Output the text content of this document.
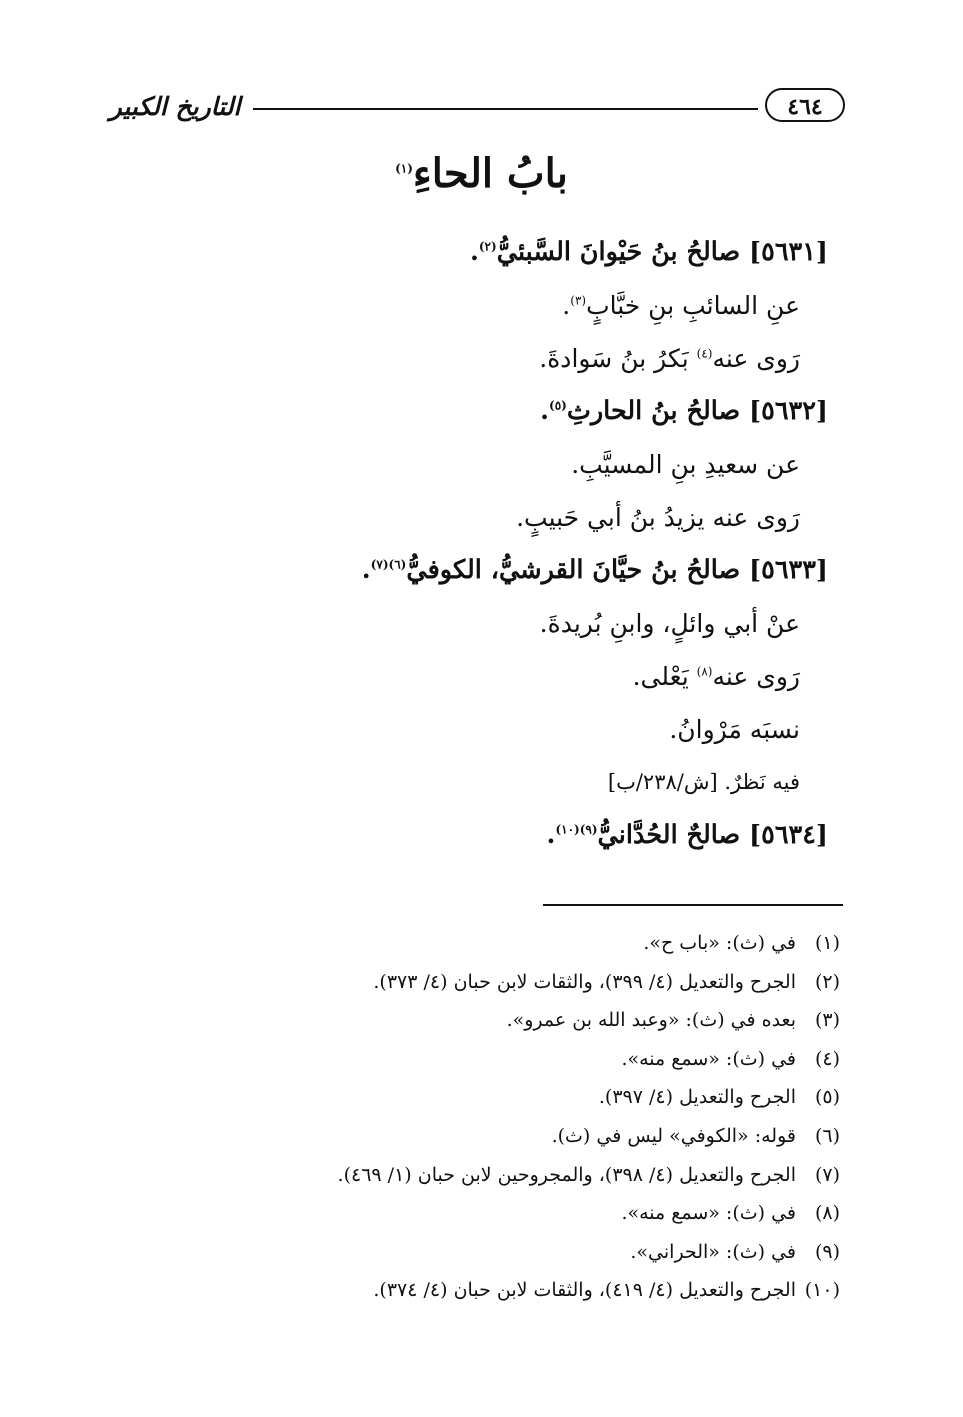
التاريخ الكبير	٤٦٤
بابُ الحاءِ$^{(١)}$
[٥٦٣١] صالحُ بنُ حَيْوانَ السَّبئيُّ$^{(٢)}$.
عنِ السائبِ بنِ خبَّابٍ$^{(٣)}$.
رَوى عنه$^{(٤)}$ بَكرُ بنُ سَوادةَ.
[٥٦٣٢] صالحُ بنُ الحارثِ$^{(٥)}$.
عن سعيدِ بنِ المسيَّبِ.
رَوى عنه يزيدُ بنُ أبي حَبيبٍ.
[٥٦٣٣] صالحُ بنُ حيَّانَ القرشيُّ، الكوفيُّ$^{(٦)(٧)}$.
عنْ أبي وائلٍ، وابنِ بُريدةَ.
رَوى عنه$^{(٨)}$ يَعْلى.
نسبَه مَرْوانُ.
فيه نَظرٌ. [ش/٢٣٨/ب]
[٥٦٣٤] صالحٌ الحُدَّانيُّ$^{(٩)(١٠)}$.
(١)في (ث): «باب ح».
(٢)الجرح والتعديل (٤/ ٣٩٩)، والثقات لابن حبان (٤/ ٣٧٣).
(٣)بعده في (ث): «وعبد الله بن عمرو».
(٤)في (ث): «سمع منه».
(٥)الجرح والتعديل (٤/ ٣٩٧).
(٦)قوله: «الكوفي» ليس في (ث).
(٧)الجرح والتعديل (٤/ ٣٩٨)، والمجروحين لابن حبان (١/ ٤٦٩).
(٨)في (ث): «سمع منه».
(٩)في (ث): «الحراني».
(١٠)الجرح والتعديل (٤/ ٤١٩)، والثقات لابن حبان (٤/ ٣٧٤).
